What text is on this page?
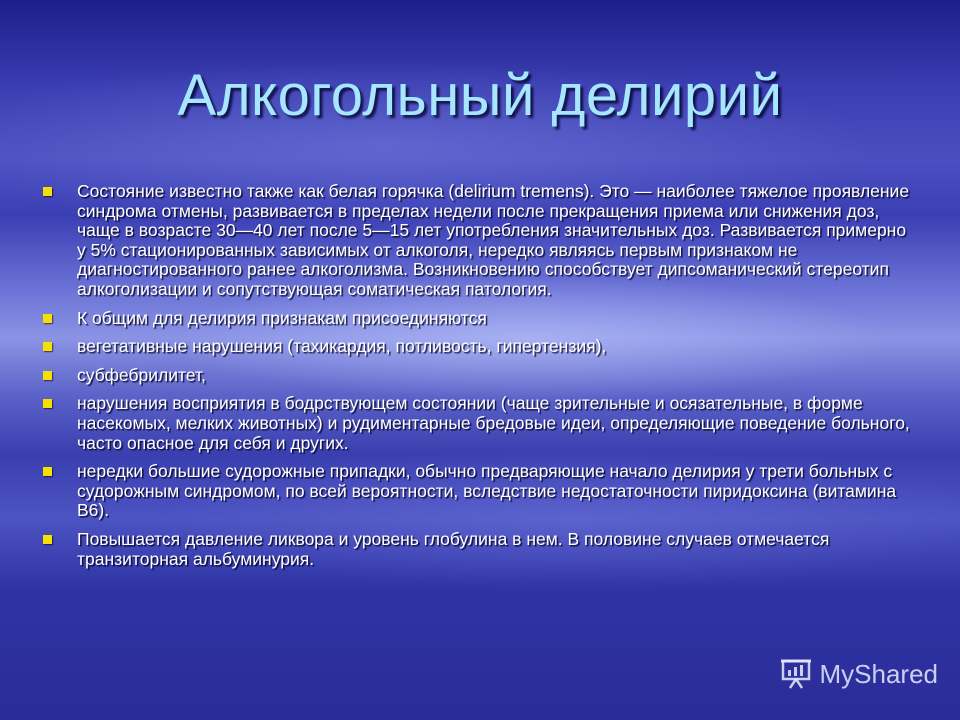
Алкогольный делирий
Состояние известно также как белая горячка (delirium tremens). Это — наиболее тяжелое проявление синдрома отмены, развивается в пределах недели после прекращения приема или снижения доз, чаще в возрасте 30—40 лет после 5—15 лет употребления значительных доз. Развивается примерно у 5% стационированных зависимых от алкоголя, нередко являясь первым признаком не диагностированного ранее алкоголизма. Возникновению способствует дипсоманический стереотип алкоголизации и сопутствующая соматическая патология.
К общим для делирия признакам присоединяются
вегетативные нарушения (тахикардия, потливость, гипертензия),
субфебрилитет,
нарушения восприятия в бодрствующем состоянии (чаще зрительные и осязательные, в форме насекомых, мелких животных) и рудиментарные бредовые идеи, определяющие поведение больного, часто опасное для себя и других.
нередки большие судорожные припадки, обычно предваряющие начало делирия у трети больных с судорожным синдромом, по всей вероятности, вследствие недостаточности пиридоксина (витамина В6).
Повышается давление ликвора и уровень глобулина в нем. В половине случаев отмечается транзиторная альбуминурия.
MyShared
